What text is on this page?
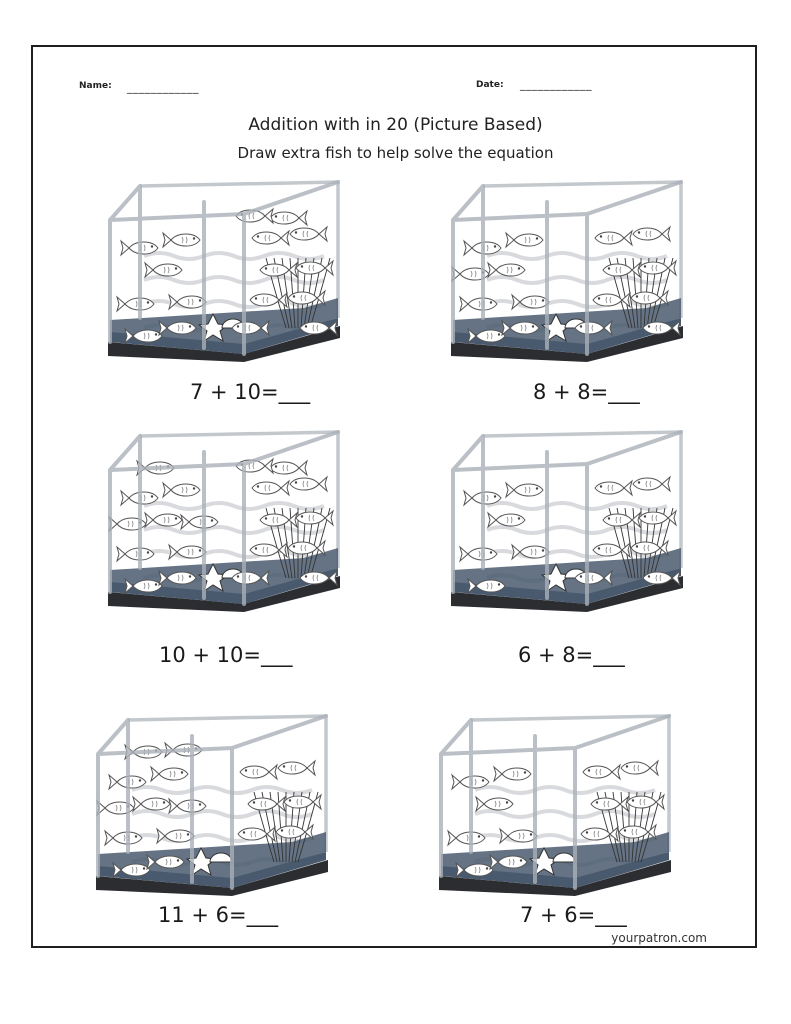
Name: ____________	Date: ____________
Addition with in 20 (Picture Based)
Draw extra fish to help solve the equation
7 + 10=___	8 + 8=___
10 + 10=___	6 + 8=___
11 + 6=___	7 + 6=___
yourpatron.com
